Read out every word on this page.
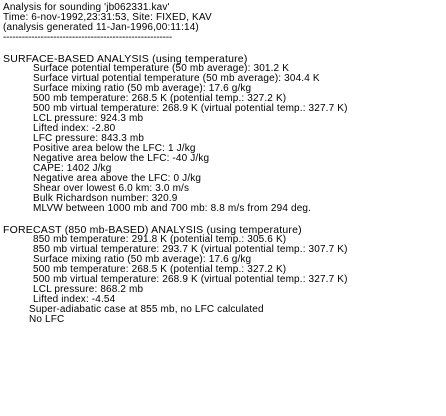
Analysis for sounding 'jb062331.kav'
Time: 6-nov-1992,23:31:53, Site: FIXED, KAV
(analysis generated 11-Jan-1996,00:11:14)
------------------------------------------------------
SURFACE-BASED ANALYSIS (using temperature)
Surface potential temperature (50 mb average): 301.2 K
Surface virtual potential temperature (50 mb average): 304.4 K
Surface mixing ratio (50 mb average): 17.6 g/kg
500 mb temperature: 268.5 K (potential temp.: 327.2 K)
500 mb virtual temperature: 268.9 K (virtual potential temp.: 327.7 K)
LCL pressure: 924.3 mb
Lifted index: -2.80
LFC pressure: 843.3 mb
Positive area below the LFC: 1 J/kg
Negative area below the LFC: -40 J/kg
CAPE: 1402 J/kg
Negative area above the LFC: 0 J/kg
Shear over lowest 6.0 km: 3.0 m/s
Bulk Richardson number: 320.9
MLVW between 1000 mb and 700 mb: 8.8 m/s from 294 deg.
FORECAST (850 mb-BASED) ANALYSIS (using temperature)
850 mb temperature: 291.8 K (potential temp.: 305.6 K)
850 mb virtual temperature: 293.7 K (virtual potential temp.: 307.7 K)
Surface mixing ratio (50 mb average): 17.6 g/kg
500 mb temperature: 268.5 K (potential temp.: 327.2 K)
500 mb virtual temperature: 268.9 K (virtual potential temp.: 327.7 K)
LCL pressure: 868.2 mb
Lifted index: -4.54
Super-adiabatic case at 855 mb, no LFC calculated
No LFC
